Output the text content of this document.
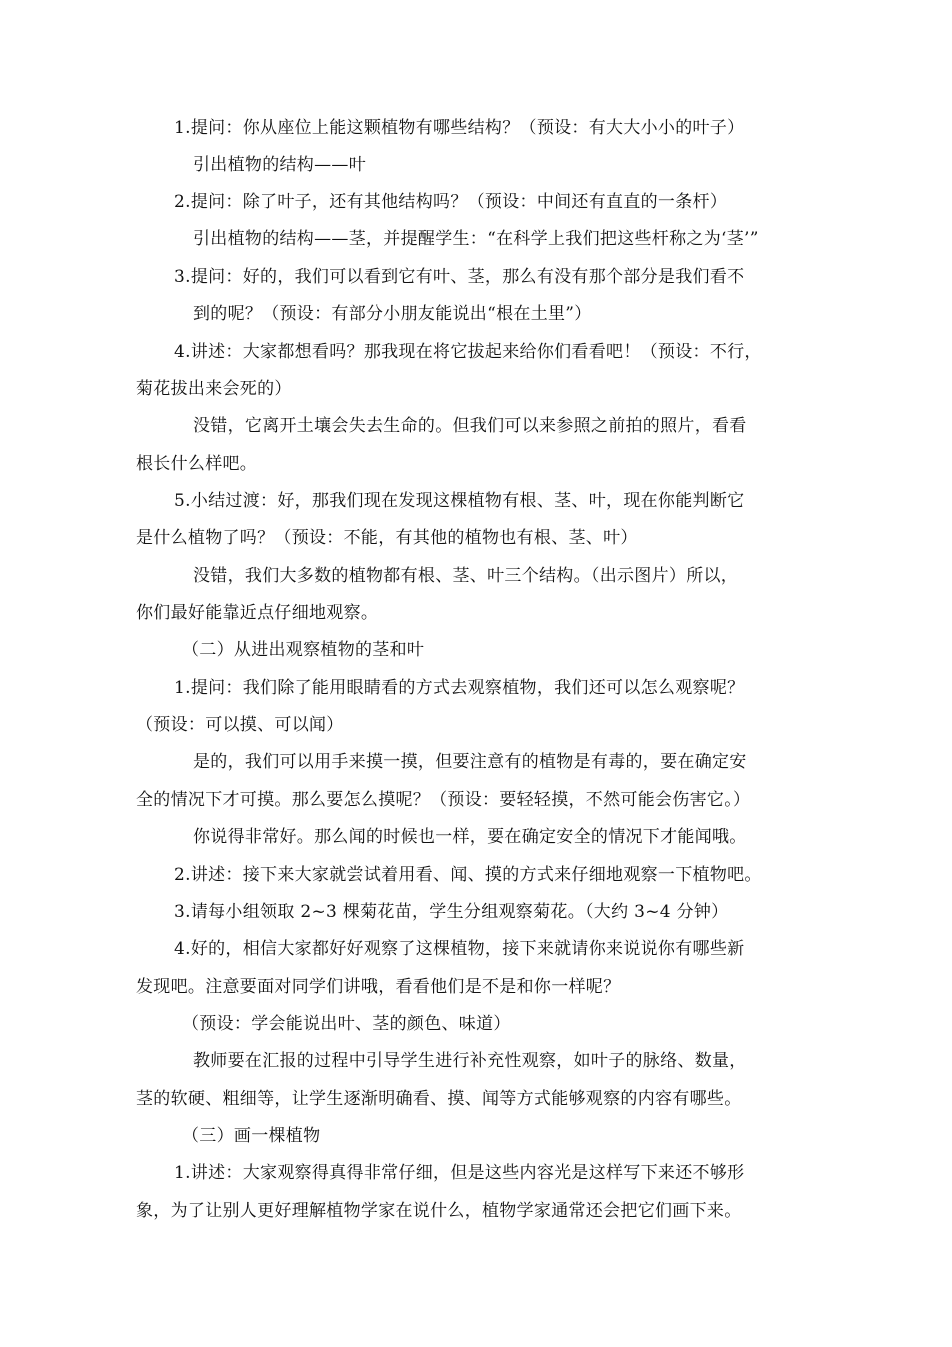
1.提问：你从座位上能这颗植物有哪些结构？（预设：有大大小小的叶子）
引出植物的结构——叶
2.提问：除了叶子，还有其他结构吗？（预设：中间还有直直的一条杆）
引出植物的结构——茎，并提醒学生：“在科学上我们把这些杆称之为‘茎’”
3.提问：好的，我们可以看到它有叶、茎，那么有没有那个部分是我们看不
到的呢？（预设：有部分小朋友能说出“根在土里”）
4.讲述：大家都想看吗？那我现在将它拔起来给你们看看吧！（预设：不行，
菊花拔出来会死的）
没错，它离开土壤会失去生命的。但我们可以来参照之前拍的照片，看看
根长什么样吧。
5.小结过渡：好，那我们现在发现这棵植物有根、茎、叶，现在你能判断它
是什么植物了吗？（预设：不能，有其他的植物也有根、茎、叶）
没错，我们大多数的植物都有根、茎、叶三个结构。（出示图片）所以，
你们最好能靠近点仔细地观察。
（二）从进出观察植物的茎和叶
1.提问：我们除了能用眼睛看的方式去观察植物，我们还可以怎么观察呢？
（预设：可以摸、可以闻）
是的，我们可以用手来摸一摸，但要注意有的植物是有毒的，要在确定安
全的情况下才可摸。那么要怎么摸呢？（预设：要轻轻摸，不然可能会伤害它。）
你说得非常好。那么闻的时候也一样，要在确定安全的情况下才能闻哦。
2.讲述：接下来大家就尝试着用看、闻、摸的方式来仔细地观察一下植物吧。
3.请每小组领取 2~3 棵菊花苗，学生分组观察菊花。（大约 3~4 分钟）
4.好的，相信大家都好好观察了这棵植物，接下来就请你来说说你有哪些新
发现吧。注意要面对同学们讲哦，看看他们是不是和你一样呢？
（预设：学会能说出叶、茎的颜色、味道）
教师要在汇报的过程中引导学生进行补充性观察，如叶子的脉络、数量，
茎的软硬、粗细等，让学生逐渐明确看、摸、闻等方式能够观察的内容有哪些。
（三）画一棵植物
1.讲述：大家观察得真得非常仔细，但是这些内容光是这样写下来还不够形
象，为了让别人更好理解植物学家在说什么，植物学家通常还会把它们画下来。
